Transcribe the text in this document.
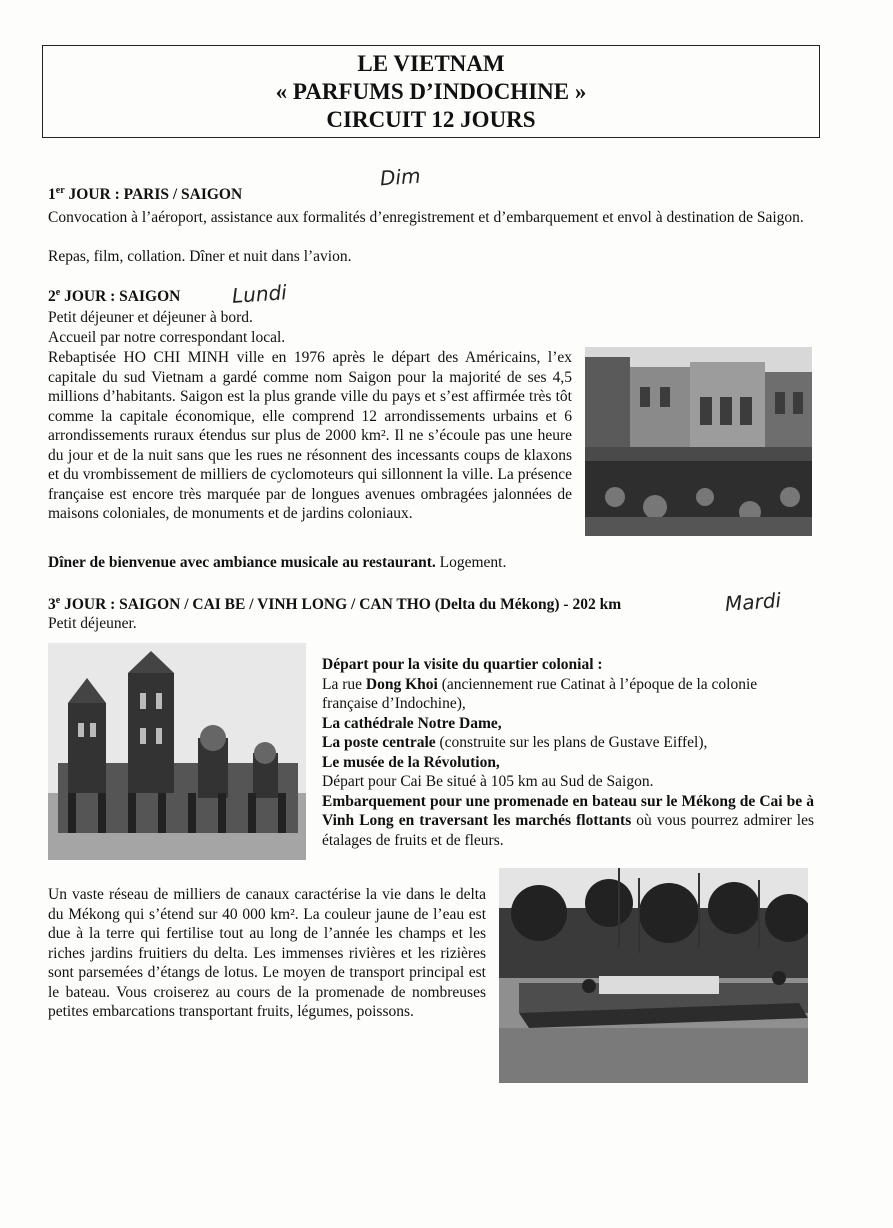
LE VIETNAM
« PARFUMS D’INDOCHINE »
CIRCUIT 12 JOURS
Dim
Lundi
Mardi
1er JOUR : PARIS / SAIGON

Convocation à l’aéroport, assistance aux formalités d’enregistrement et d’embarquement et envol à destination de Saigon.

Repas, film, collation. Dîner et nuit dans l’avion.

2e JOUR : SAIGON

Petit déjeuner et déjeuner à bord.

Accueil par notre correspondant local.

Rebaptisée HO CHI MINH ville en 1976 après le départ des Américains, l’ex capitale du sud Vietnam a gardé comme nom Saigon pour la majorité de ses 4,5 millions d’habitants. Saigon est la plus grande ville du pays et s’est affirmée très tôt comme la capitale économique, elle comprend 12 arrondissements urbains et 6 arrondissements ruraux étendus sur plus de 2000 km². Il ne s’écoule pas une heure du jour et de la nuit sans que les rues ne résonnent des incessants coups de klaxons et du vrombissement de milliers de cyclomoteurs qui sillonnent la ville. La présence française est encore très marquée par de longues avenues ombragées jalonnées de maisons coloniales, de monuments et de jardins coloniaux.

Dîner de bienvenue avec ambiance musicale au restaurant. Logement.

3e JOUR : SAIGON / CAI BE / VINH LONG / CAN THO (Delta du Mékong) - 202 km

Petit déjeuner.

Départ pour la visite du quartier colonial :
La rue Dong Khoi (anciennement rue Catinat à l’époque de la colonie française d’Indochine),
La cathédrale Notre Dame,
La poste centrale (construite sur les plans de Gustave Eiffel),
Le musée de la Révolution,
Départ pour Cai Be situé à 105 km au Sud de Saigon.
Embarquement pour une promenade en bateau sur le Mékong de Cai be à Vinh Long en traversant les marchés flottants où vous pourrez admirer les étalages de fruits et de fleurs.

Un vaste réseau de milliers de canaux caractérise la vie dans le delta du Mékong qui s’étend sur 40 000 km². La couleur jaune de l’eau est due à la terre qui fertilise tout au long de l’année les champs et les riches jardins fruitiers du delta. Les immenses rivières et les rizières sont parsemées d’étangs de lotus. Le moyen de transport principal est le bateau. Vous croiserez au cours de la promenade de nombreuses petites embarcations transportant fruits, légumes, poissons.
